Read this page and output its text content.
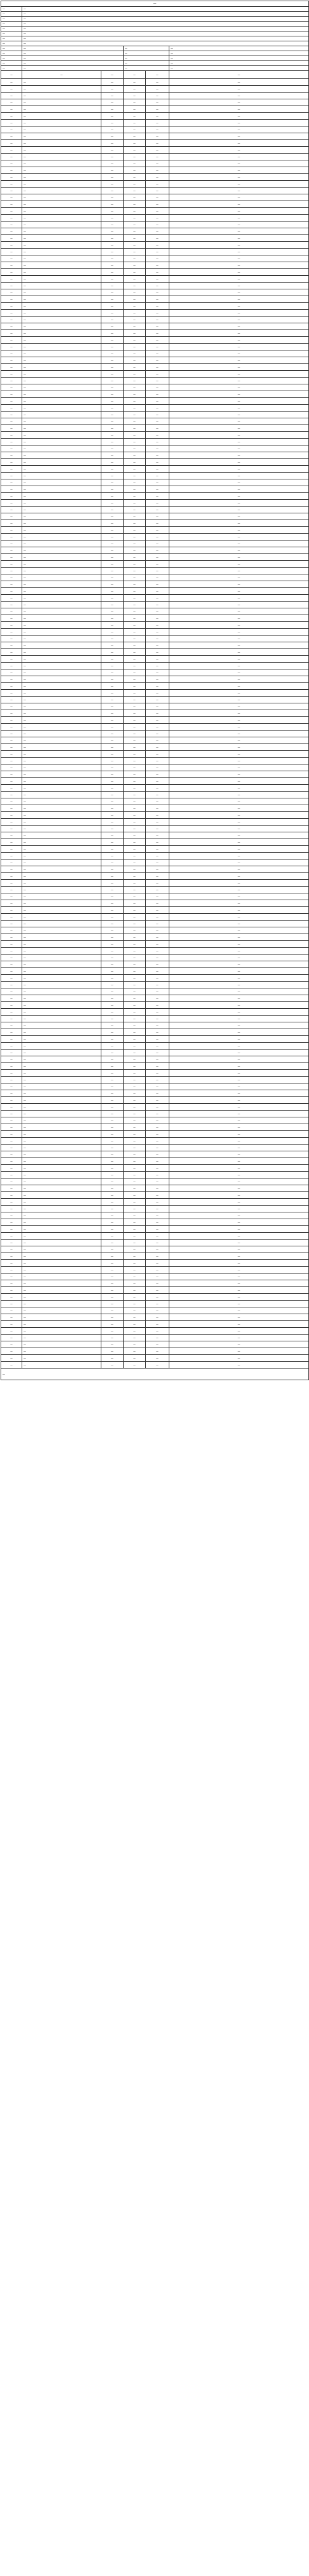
—					
—	—				
—	—				
—	—				
—	—				
—	—				
—	—				
—	—				
—	—				
—	—		—		—
—	—		—		—
—	—		—		—
—	—		—		—
—	—		—		—
—	—	—	—	—	—
—	—	—	—	—	—
—	—	—	—	—	—
—	—	—	—	—	—
—	—	—	—	—	—
—	—	—	—	—	—
—	—	—	—	—	—
—	—	—	—	—	—
—	—	—	—	—	—
—	—	—	—	—	—
—	—	—	—	—	—
—	—	—	—	—	—
—	—	—	—	—	—
—	—	—	—	—	—
—	—	—	—	—	—
—	—	—	—	—	—
—	—	—	—	—	—
—	—	—	—	—	—
—	—	—	—	—	—
—	—	—	—	—	—
—	—	—	—	—	—
—	—	—	—	—	—
—	—	—	—	—	—
—	—	—	—	—	—
—	—	—	—	—	—
—	—	—	—	—	—
—	—	—	—	—	—
—	—	—	—	—	—
—	—	—	—	—	—
—	—	—	—	—	—
—	—	—	—	—	—
—	—	—	—	—	—
—	—	—	—	—	—
—	—	—	—	—	—
—	—	—	—	—	—
—	—	—	—	—	—
—	—	—	—	—	—
—	—	—	—	—	—
—	—	—	—	—	—
—	—	—	—	—	—
—	—	—	—	—	—
—	—	—	—	—	—
—	—	—	—	—	—
—	—	—	—	—	—
—	—	—	—	—	—
—	—	—	—	—	—
—	—	—	—	—	—
—	—	—	—	—	—
—	—	—	—	—	—
—	—	—	—	—	—
—	—	—	—	—	—
—	—	—	—	—	—
—	—	—	—	—	—
—	—	—	—	—	—
—	—	—	—	—	—
—	—	—	—	—	—
—	—	—	—	—	—
—	—	—	—	—	—
—	—	—	—	—	—
—	—	—	—	—	—
—	—	—	—	—	—
—	—	—	—	—	—
—	—	—	—	—	—
—	—	—	—	—	—
—	—	—	—	—	—
—	—	—	—	—	—
—	—	—	—	—	—
—	—	—	—	—	—
—	—	—	—	—	—
—	—	—	—	—	—
—	—	—	—	—	—
—	—	—	—	—	—
—	—	—	—	—	—
—	—	—	—	—	—
—	—	—	—	—	—
—	—	—	—	—	—
—	—	—	—	—	—
—	—	—	—	—	—
—	—	—	—	—	—
—	—	—	—	—	—
—	—	—	—	—	—
—	—	—	—	—	—
—	—	—	—	—	—
—	—	—	—	—	—
—	—	—	—	—	—
—	—	—	—	—	—
—	—	—	—	—	—
—	—	—	—	—	—
—	—	—	—	—	—
—	—	—	—	—	—
—	—	—	—	—	—
—	—	—	—	—	—
—	—	—	—	—	—
—	—	—	—	—	—
—	—	—	—	—	—
—	—	—	—	—	—
—	—	—	—	—	—
—	—	—	—	—	—
—	—	—	—	—	—
—	—	—	—	—	—
—	—	—	—	—	—
—	—	—	—	—	—
—	—	—	—	—	—
—	—	—	—	—	—
—	—	—	—	—	—
—	—	—	—	—	—
—	—	—	—	—	—
—	—	—	—	—	—
—	—	—	—	—	—
—	—	—	—	—	—
—	—	—	—	—	—
—	—	—	—	—	—
—	—	—	—	—	—
—	—	—	—	—	—
—	—	—	—	—	—
—	—	—	—	—	—
—	—	—	—	—	—
—	—	—	—	—	—
—	—	—	—	—	—
—	—	—	—	—	—
—	—	—	—	—	—
—	—	—	—	—	—
—	—	—	—	—	—
—	—	—	—	—	—
—	—	—	—	—	—
—	—	—	—	—	—
—	—	—	—	—	—
—	—	—	—	—	—
—	—	—	—	—	—
—	—	—	—	—	—
—	—	—	—	—	—
—	—	—	—	—	—
—	—	—	—	—	—
—	—	—	—	—	—
—	—	—	—	—	—
—	—	—	—	—	—
—	—	—	—	—	—
—	—	—	—	—	—
—	—	—	—	—	—
—	—	—	—	—	—
—	—	—	—	—	—
—	—	—	—	—	—
—	—	—	—	—	—
—	—	—	—	—	—
—	—	—	—	—	—
—	—	—	—	—	—
—	—	—	—	—	—
—	—	—	—	—	—
—	—	—	—	—	—
—	—	—	—	—	—
—	—	—	—	—	—
—	—	—	—	—	—
—	—	—	—	—	—
—	—	—	—	—	—
—	—	—	—	—	—
—	—	—	—	—	—
—	—	—	—	—	—
—	—	—	—	—	—
—	—	—	—	—	—
—	—	—	—	—	—
—	—	—	—	—	—
—	—	—	—	—	—
—	—	—	—	—	—
—	—	—	—	—	—
—	—	—	—	—	—
—	—	—	—	—	—
—	—	—	—	—	—
—	—	—	—	—	—
—	—	—	—	—	—
—	—	—	—	—	—
—	—	—	—	—	—
—	—	—	—	—	—
—	—	—	—	—	—
—	—	—	—	—	—
—	—	—	—	—	—
—	—	—	—	—	—
—	—	—	—	—	—
—	—	—	—	—	—
—	—	—	—	—	—
—	—	—	—	—	—
—	—	—	—	—	—
—	—	—	—	—	—
—	—	—	—	—	—
—	—	—	—	—	—
—	—	—	—	—	—
—	—	—	—	—	—
—	—	—	—	—	—
—	—	—	—	—	—
—	—	—	—	—	—
—	—	—	—	—	—
—	—	—	—	—	—
—					
